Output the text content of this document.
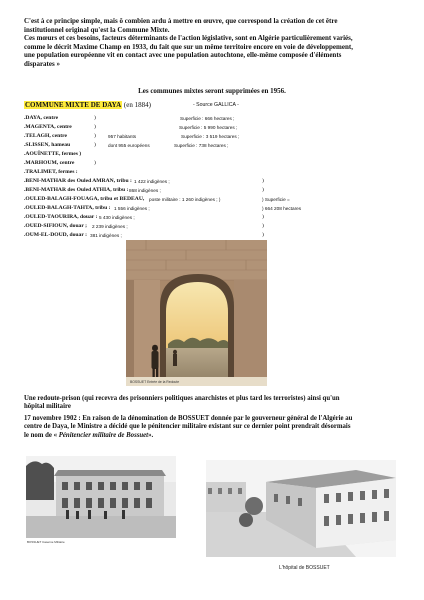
C'est à ce principe simple, mais ô combien ardu à mettre en œuvre, que correspond la création de cet être

institutionnel original qu'est la Commune Mixte.

Ces mœurs et ces besoins, facteurs déterminants de l'action législative, sont en Algérie particulièrement variés,

comme le décrit Maxime Champ en 1933, du fait que sur un même territoire encore en voie de développement,

une population européenne vit en contact avec une population autochtone, elle-même composée d'éléments

disparates »

Les communes mixtes seront supprimées en 1956.
COMMUNE MIXTE DE DAYA (en 1884)	- Source GALLICA -
.DAYA, centre	)	Superficie : 666 hectares ;
.MAGENTA, centre	)	Superficie : 5 990 hectares ;
.TELAGH, centre	)	957 habitants	Superficie : 3 519 hectares ;
.SLISSEN, hameau	)	dont 955 européens	Superficie : 738 hectares ;
.AOUÏNETTE, fermes )
.MARHOUM, centre	)
.TRALIMET, fermes :
.BENI-MATHAR des Ouled AMRAN, tribu : 1 422 indigènes ;	)
.BENI-MATHAR des Ouled ATHIA, tribu : 868 indigènes ;	)
.OULED-BALAGH-FOUAGA, tribu et BEDEAU, poste militaire : 1 260 indigènes ; )	) Superficie =
.OULED-BALAGH-TAHTA, tribu : 1 556 indigènes ;	) 664 208 hectares
.OULED-TAOURIRA, douar : 5 430 indigènes ;	)
.OUED-SIFIOUN, douar ; 2 239 indigènes ;	)
.OUM-EL-DOUD, douar : 381 indigènes ;	)
BOSSUET Entrée de la Redoute
Une redoute-prison (qui recevra des prisonniers politiques anarchistes et plus tard les terroristes) ainsi qu'un
hôpital militaire
17 novembre 1902 : En raison de la dénomination de BOSSUET donnée par le gouverneur général de l'Algérie au
centre de Daya, le Ministre a décidé que le pénitencier militaire existant sur ce dernier point prendrait désormais
le nom de « Pénitencier militaire de Bossuet».
BOSSUET Caserne Militaire
L'hôpital de BOSSUET
